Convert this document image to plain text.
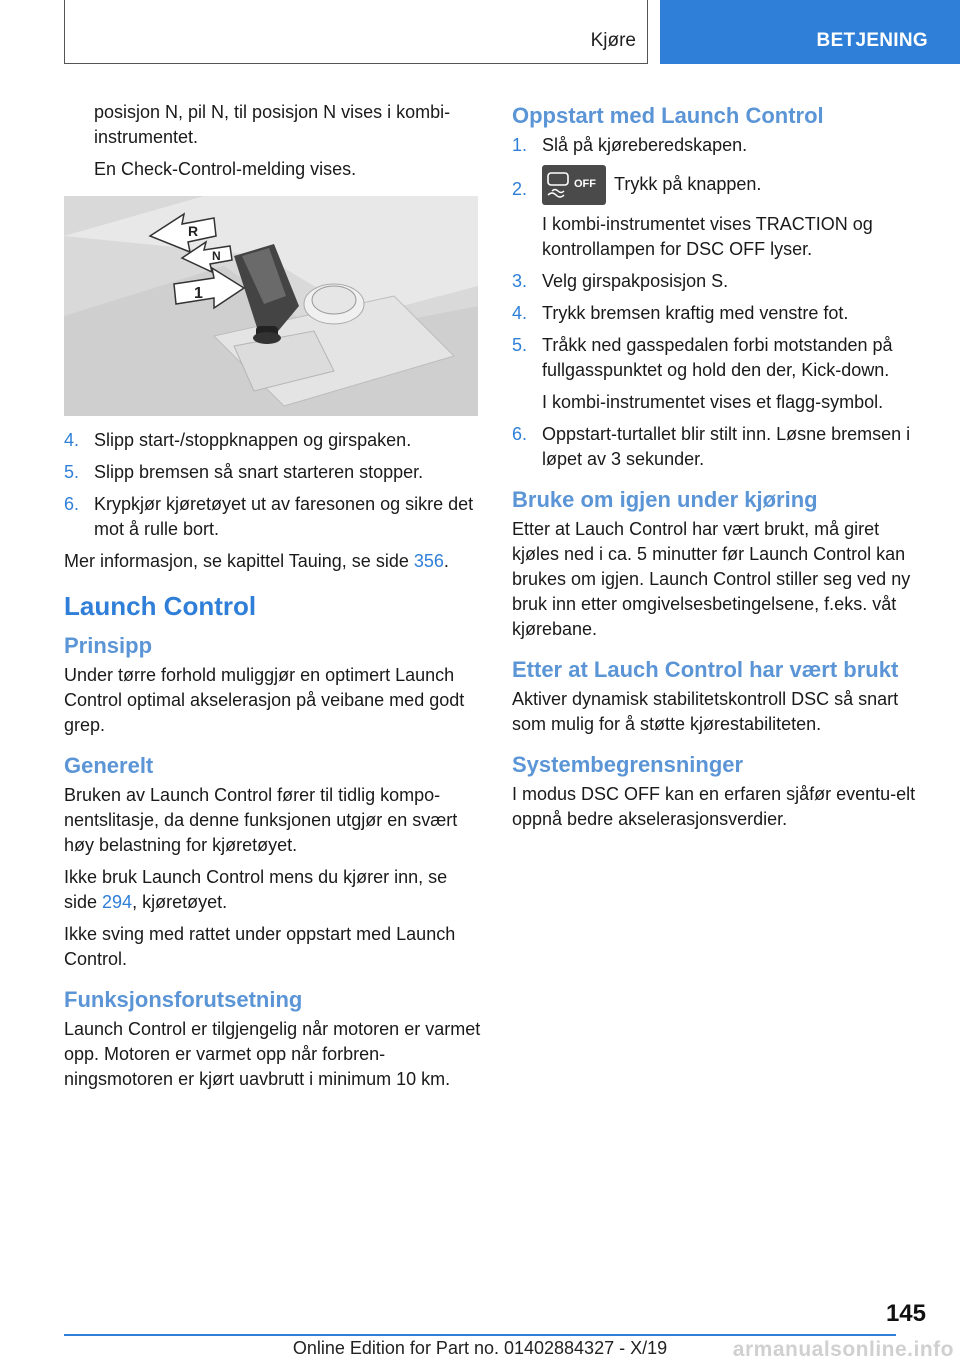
Kjøre	BETJENING

posisjon N, pil N, til posisjon N vises i kombi-instrumentet.

En Check-Control-melding vises.

R
N
1
4. Slipp start-/stoppknappen og girspaken.
5. Slipp bremsen så snart starteren stopper.
6. Krypkjør kjøretøyet ut av faresonen og sikre det mot å rulle bort.

Mer informasjon, se kapittel Tauing, se side 356.

Launch Control
Prinsipp

Under tørre forhold muliggjør en optimert Launch Control optimal akselerasjon på veibane med godt grep.

Generelt

Bruken av Launch Control fører til tidlig kompo-nentslitasje, da denne funksjonen utgjør en svært høy belastning for kjøretøyet.

Ikke bruk Launch Control mens du kjører inn, se side 294, kjøretøyet.

Ikke sving med rattet under oppstart med Launch Control.

Funksjonsforutsetning

Launch Control er tilgjengelig når motoren er varmet opp. Motoren er varmet opp når forbren-ningsmotoren er kjørt uavbrutt i minimum 10 km.

Oppstart med Launch Control
1. Slå på kjøreberedskapen.
2.	OFF Trykk på knappen.

I kombi-instrumentet vises TRACTION og kontrollampen for DSC OFF lyser.

3. Velg girspakposisjon S.
4. Trykk bremsen kraftig med venstre fot.
5. Tråkk ned gasspedalen forbi motstanden på fullgasspunktet og hold den der, Kick-down.

I kombi-instrumentet vises et flagg-symbol.

6. Oppstart-turtallet blir stilt inn. Løsne bremsen i løpet av 3 sekunder.
Bruke om igjen under kjøring

Etter at Lauch Control har vært brukt, må giret kjøles ned i ca. 5 minutter før Launch Control kan brukes om igjen. Launch Control stiller seg ved ny bruk inn etter omgivelsesbetingelsene, f.eks. våt kjørebane.

Etter at Lauch Control har vært brukt

Aktiver dynamisk stabilitetskontroll DSC så snart som mulig for å støtte kjørestabiliteten.

Systembegrensninger

I modus DSC OFF kan en erfaren sjåfør eventu-elt oppnå bedre akselerasjonsverdier.

145
Online Edition for Part no. 01402884327 - X/19	armanualsonline.info
